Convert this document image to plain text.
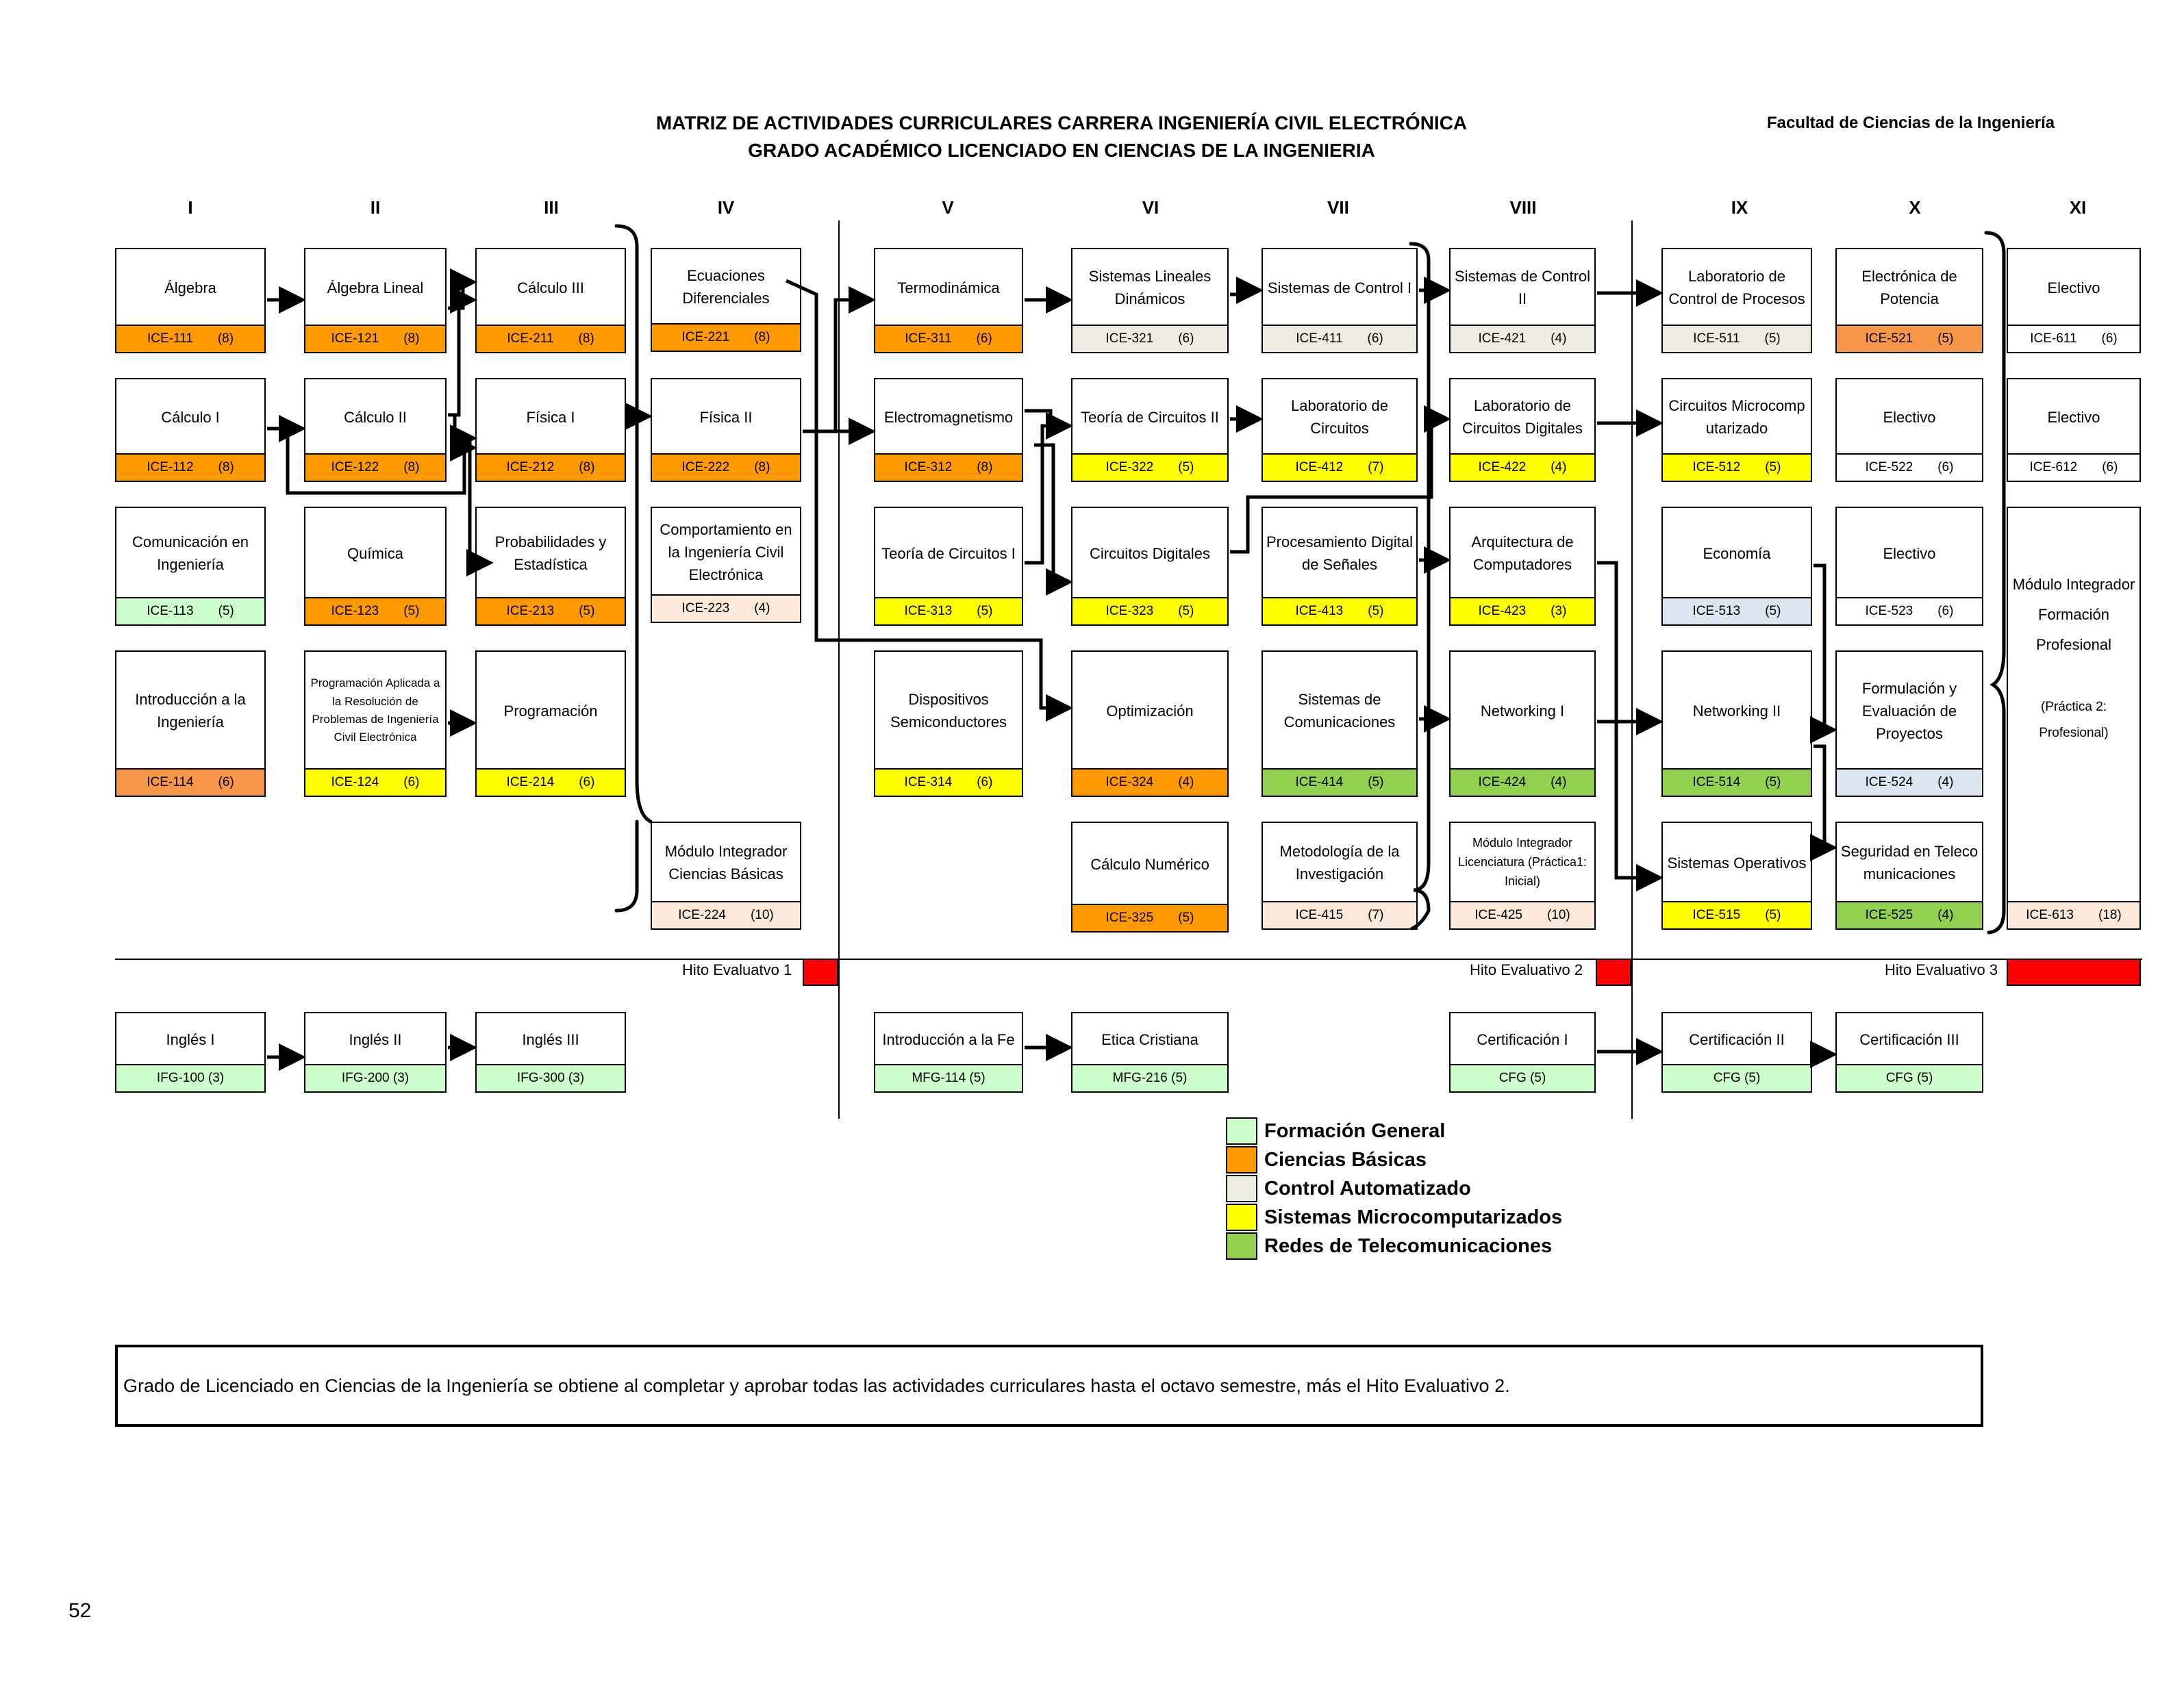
MATRIZ DE ACTIVIDADES CURRICULARES CARRERA INGENIERÍA CIVIL ELECTRÓNICA
GRADO ACADÉMICO LICENCIADO EN CIENCIAS DE LA INGENIERIA
Facultad de Ciencias de la Ingeniería
I	II	III	IV	V	VI	VII	VIII	IX	X	XI
Álgebra
ICE-111 (8)
Cálculo I
ICE-112 (8)
Comunicación en Ingeniería
ICE-113 (5)
Introducción a la Ingeniería
ICE-114 (6)
Álgebra Lineal
ICE-121 (8)
Cálculo II
ICE-122 (8)
Química
ICE-123 (5)
Programación Aplicada a la Resolución de Problemas de Ingeniería Civil Electrónica
ICE-124 (6)
Cálculo III
ICE-211 (8)
Física I
ICE-212 (8)
Probabilidades y Estadística
ICE-213 (5)
Programación
ICE-214 (6)
Ecuaciones Diferenciales
ICE-221 (8)
Física II
ICE-222 (8)
Comportamiento en la Ingeniería Civil Electrónica
ICE-223 (4)
Módulo Integrador Ciencias Básicas
ICE-224 (10)
Termodinámica
ICE-311 (6)
Electromagnetismo
ICE-312 (8)
Teoría de Circuitos I
ICE-313 (5)
Dispositivos Semiconductores
ICE-314 (6)
Sistemas Lineales Dinámicos
ICE-321 (6)
Teoría de Circuitos II
ICE-322 (5)
Circuitos Digitales
ICE-323 (5)
Optimización
ICE-324 (4)
Cálculo Numérico
ICE-325 (5)
Sistemas de Control I
ICE-411 (6)
Laboratorio de Circuitos
ICE-412 (7)
Procesamiento Digital de Señales
ICE-413 (5)
Sistemas de Comunicaciones
ICE-414 (5)
Metodología de la Investigación
ICE-415 (7)
Sistemas de Control II
ICE-421 (4)
Laboratorio de Circuitos Digitales
ICE-422 (4)
Arquitectura de Computadores
ICE-423 (3)
Networking I
ICE-424 (4)
Módulo Integrador Licenciatura (Práctica1: Inicial)
ICE-425 (10)
Laboratorio de Control de Procesos
ICE-511 (5)
Circuitos Microcomputarizado
ICE-512 (5)
Economía
ICE-513 (5)
Networking II
ICE-514 (5)
Sistemas Operativos
ICE-515 (5)
Electrónica de Potencia
ICE-521 (5)
Electivo
ICE-522 (6)
Electivo
ICE-523 (6)
Formulación y Evaluación de Proyectos
ICE-524 (4)
Seguridad en Telecomunicaciones
ICE-525 (4)
Electivo
ICE-611 (6)
Electivo
ICE-612 (6)
Módulo Integrador Formación Profesional
(Práctica 2: Profesional)
ICE-613 (18)
Hito Evaluatvo 1	Hito Evaluativo 2	Hito Evaluativo 3
Inglés I
IFG-100 (3)
Inglés II
IFG-200 (3)
Inglés III
IFG-300 (3)
Introducción a la Fe
MFG-114 (5)
Etica Cristiana
MFG-216 (5)
Certificación I
CFG (5)
Certificación II
CFG (5)
Certificación III
CFG (5)
Formación General
Ciencias Básicas
Control Automatizado
Sistemas Microcomputarizados
Redes de Telecomunicaciones
Grado de Licenciado en Ciencias de la Ingeniería se obtiene al completar y aprobar todas las actividades curriculares hasta el octavo semestre, más el Hito Evaluativo 2.
52
